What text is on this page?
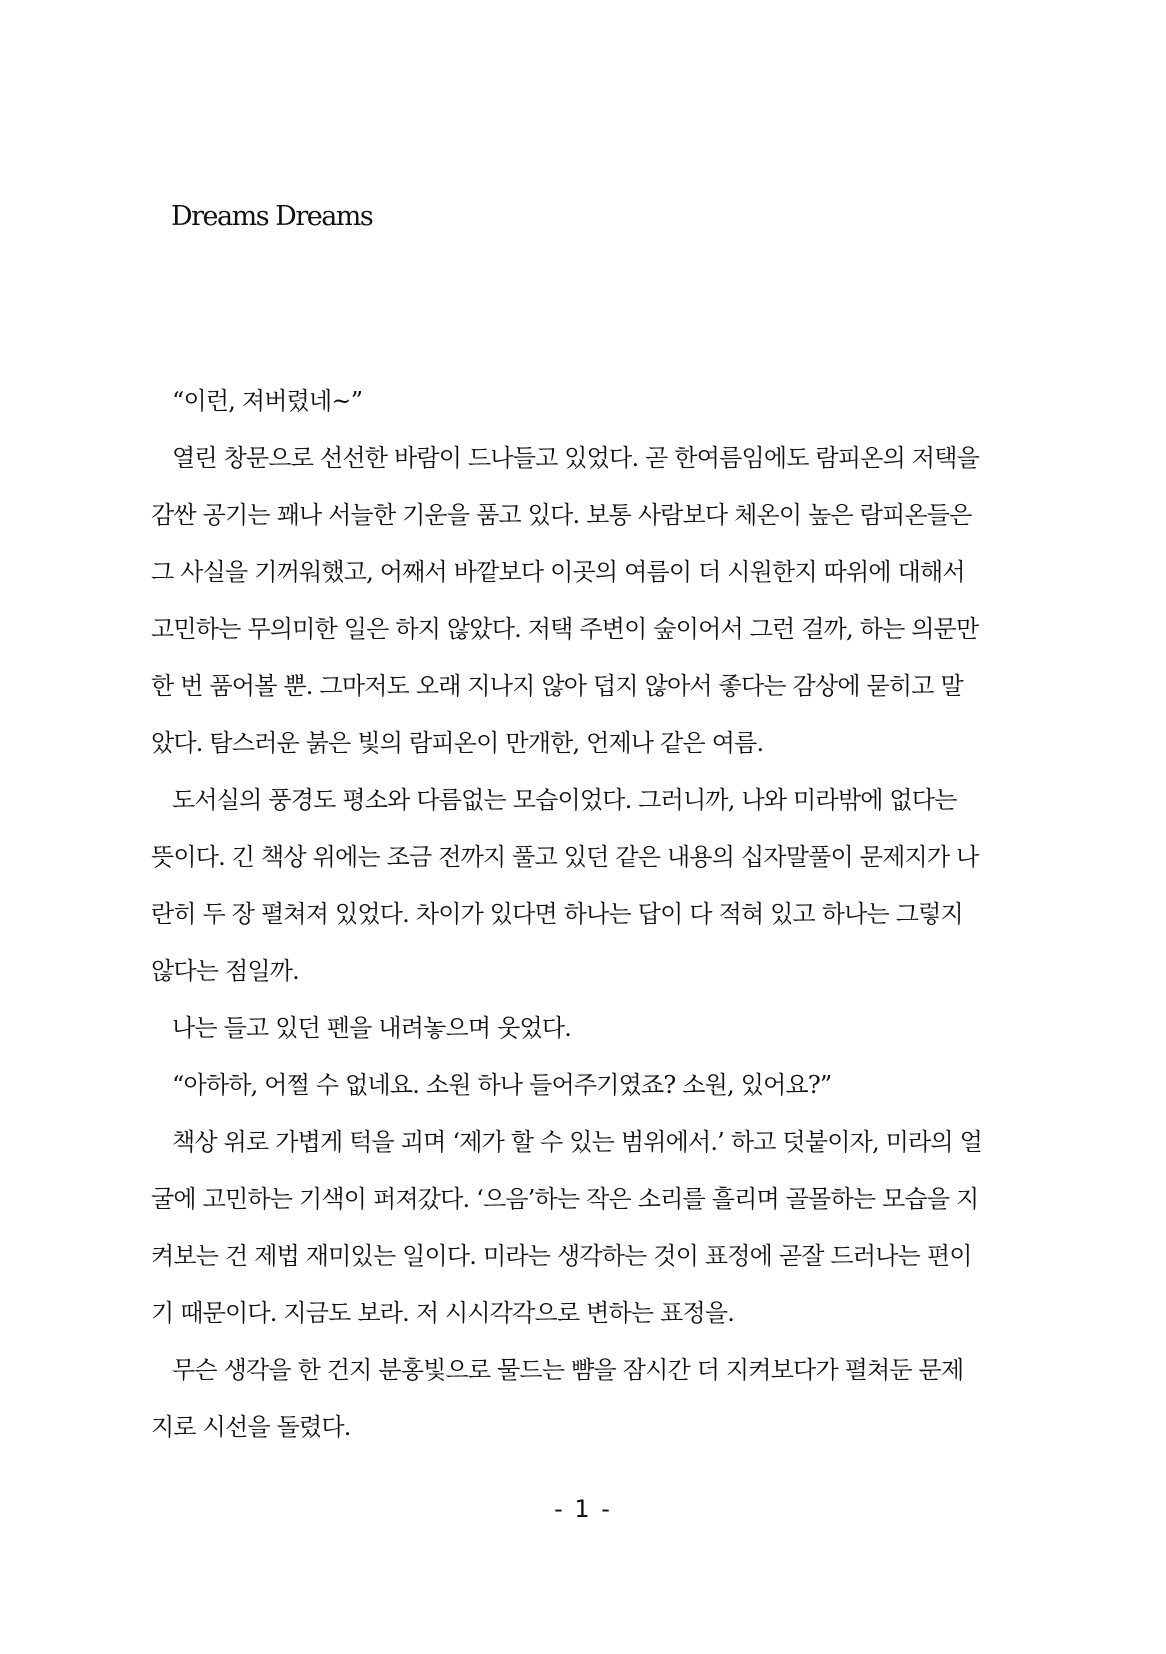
Dreams Dreams
“이런, 져버렸네~”
열린 창문으로 선선한 바람이 드나들고 있었다. 곧 한여름임에도 람피온의 저택을
감싼 공기는 꽤나 서늘한 기운을 품고 있다. 보통 사람보다 체온이 높은 람피온들은
그 사실을 기꺼워했고, 어째서 바깥보다 이곳의 여름이 더 시원한지 따위에 대해서
고민하는 무의미한 일은 하지 않았다. 저택 주변이 숲이어서 그런 걸까, 하는 의문만
한 번 품어볼 뿐. 그마저도 오래 지나지 않아 덥지 않아서 좋다는 감상에 묻히고 말
았다. 탐스러운 붉은 빛의 람피온이 만개한, 언제나 같은 여름.
도서실의 풍경도 평소와 다름없는 모습이었다. 그러니까, 나와 미라밖에 없다는
뜻이다. 긴 책상 위에는 조금 전까지 풀고 있던 같은 내용의 십자말풀이 문제지가 나
란히 두 장 펼쳐져 있었다. 차이가 있다면 하나는 답이 다 적혀 있고 하나는 그렇지
않다는 점일까.
나는 들고 있던 펜을 내려놓으며 웃었다.
“아하하, 어쩔 수 없네요. 소원 하나 들어주기였죠? 소원, 있어요?”
책상 위로 가볍게 턱을 괴며 ‘제가 할 수 있는 범위에서.’ 하고 덧붙이자, 미라의 얼
굴에 고민하는 기색이 퍼져갔다. ‘으음’하는 작은 소리를 흘리며 골몰하는 모습을 지
켜보는 건 제법 재미있는 일이다. 미라는 생각하는 것이 표정에 곧잘 드러나는 편이
기 때문이다. 지금도 보라. 저 시시각각으로 변하는 표정을.
무슨 생각을 한 건지 분홍빛으로 물드는 뺨을 잠시간 더 지켜보다가 펼쳐둔 문제
지로 시선을 돌렸다.
- 1 -
